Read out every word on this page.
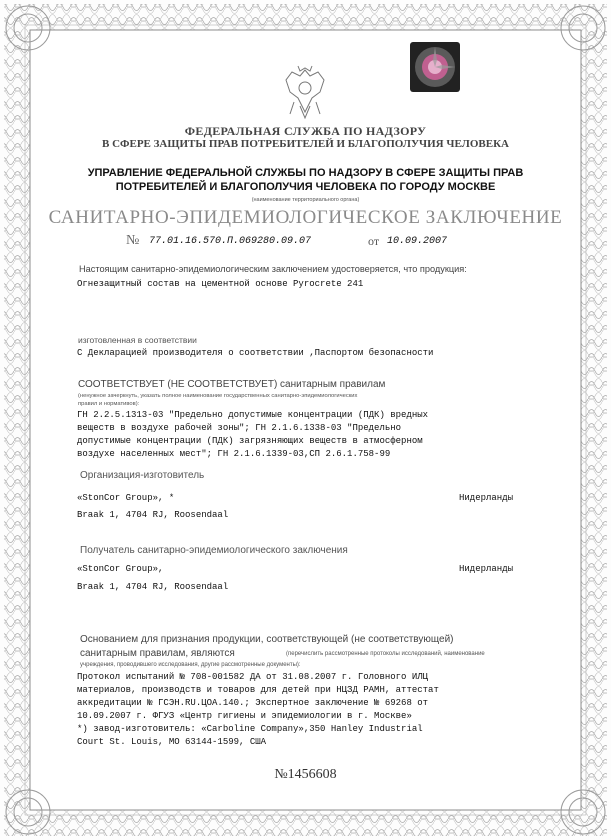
ФЕДЕРАЛЬНАЯ СЛУЖБА ПО НАДЗОРУ
В СФЕРЕ ЗАЩИТЫ ПРАВ ПОТРЕБИТЕЛЕЙ И БЛАГОПОЛУЧИЯ ЧЕЛОВЕКА
УПРАВЛЕНИЕ ФЕДЕРАЛЬНОЙ СЛУЖБЫ ПО НАДЗОРУ В СФЕРЕ ЗАЩИТЫ ПРАВ
ПОТРЕБИТЕЛЕЙ И БЛАГОПОЛУЧИЯ ЧЕЛОВЕКА ПО ГОРОДУ МОСКВЕ
(наименование территориального органа)
САНИТАРНО-ЭПИДЕМИОЛОГИЧЕСКОЕ ЗАКЛЮЧЕНИЕ
№ 77.01.16.570.П.069280.09.07	от 10.09.2007
Настоящим санитарно-эпидемиологическим заключением удостоверяется, что продукция:
Огнезащитный состав на цементной основе Pyrocrete 241
изготовленная в соответствии
С Декларацией производителя о соответствии ,Паспортом безопасности
СООТВЕТСТВУЕТ (НЕ СООТВЕТСТВУЕТ) санитарным правилам
(ненужное зачеркнуть, указать полное наименование государственных санитарно-эпидемиологических
правил и нормативов):
ГН 2.2.5.1313-03 "Предельно допустимые концентрации (ПДК) вредных
веществ в воздухе рабочей зоны"; ГН 2.1.6.1338-03 "Предельно
допустимые концентрации (ПДК) загрязняющих веществ в атмосферном
воздухе населенных мест"; ГН 2.1.6.1339-03,СП 2.6.1.758-99
Организация-изготовитель
«StonCor Group», *	Нидерланды
Braak 1, 4704 RJ, Roosendaal
Получатель санитарно-эпидемиологического заключения
«StonCor Group»,	Нидерланды
Braak 1, 4704 RJ, Roosendaal
Основанием для признания продукции, соответствующей (не соответствующей)
санитарным правилам, являются	(перечислить рассмотренные протоколы исследований, наименование
учреждения, проводившего исследования, другие рассмотренные документы):
Протокол испытаний № 708-001582 ДА от 31.08.2007 г. Головного ИЛЦ
материалов, производств и товаров для детей при НЦЗД РАМН, аттестат
аккредитации № ГСЭН.RU.ЦОА.140.; Экспертное заключение № 69268 от
10.09.2007 г. ФГУЗ «Центр гигиены и эпидемиологии в г. Москве»
*) завод-изготовитель: «Carboline Company»,350 Hanley Industrial
Court St. Louis, MO 63144-1599, США
№1456608
